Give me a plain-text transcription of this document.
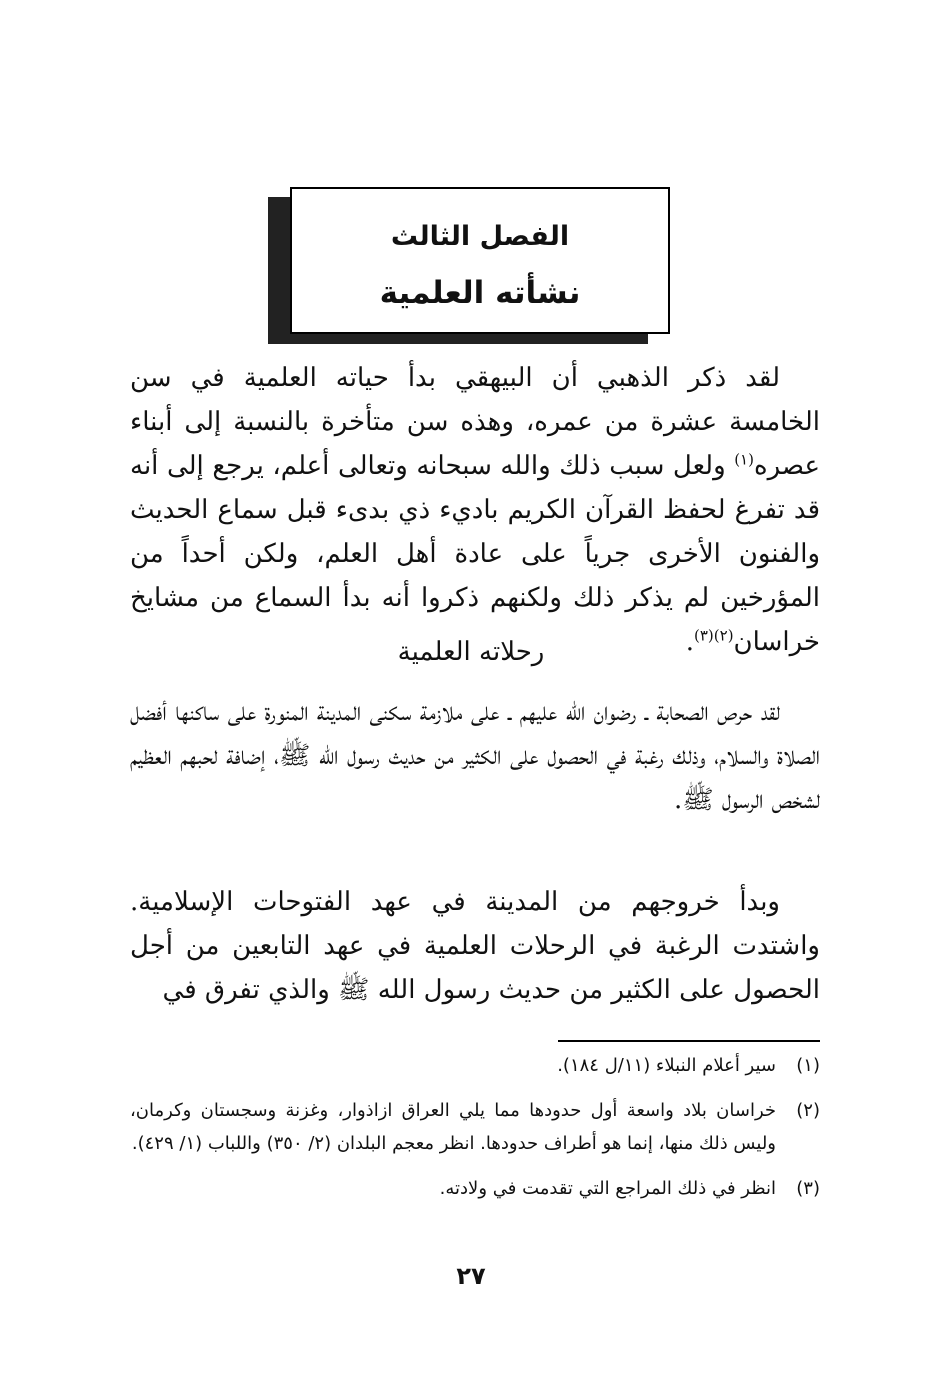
الفصل الثالث
نشأته العلمية

لقد ذكر الذهبي أن البيهقي بدأ حياته العلمية في سن الخامسة عشرة من عمره، وهذه سن متأخرة بالنسبة إلى أبناء عصره$^{(١)}$ ولعل سبب ذلك والله سبحانه وتعالى أعلم، يرجع إلى أنه قد تفرغ لحفظ القرآن الكريم باديء ذي بدىء قبل سماع الحديث والفنون الأخرى جرياً على عادة أهل العلم، ولكن أحداً من المؤرخين لم يذكر ذلك ولكنهم ذكروا أنه بدأ السماع من مشايخ خراسان$^{(٢)(٣)}$.

رحلاته العلمية

لقد حرص الصحابة ـ رضوان الله عليهم ـ على ملازمة سكنى المدينة المنورة على ساكنها أفضل الصلاة والسلام، وذلك رغبة في الحصول على الكثير من حديث رسول الله ﷺ، إضافة لحبهم العظيم لشخص الرسول ﷺ.

وبدأ خروجهم من المدينة في عهد الفتوحات الإسلامية. واشتدت الرغبة في الرحلات العلمية في عهد التابعين من أجل الحصول على الكثير من حديث رسول الله ﷺ والذي تفرق في

(١)
سير أعلام النبلاء (١١/ل ١٨٤).
(٢)
خراسان بلاد واسعة أول حدودها مما يلي العراق ازاذوار، وغزنة وسجستان وكرمان، وليس ذلك منها، إنما هو أطراف حدودها. انظر معجم البلدان (٢/ ٣٥٠) واللباب (١/ ٤٢٩).
(٣)
انظر في ذلك المراجع التي تقدمت في ولادته.
٢٧
